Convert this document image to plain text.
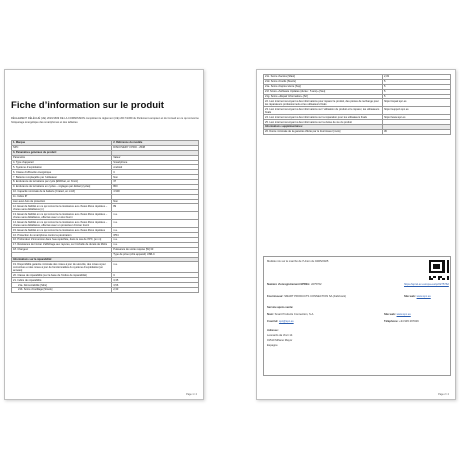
Fiche d’information sur le produit
RÈGLEMENT DÉLÉGUÉ (UE) 2023/1669 DE LA COMMISSION complétant le règlement (UE) 2017/1369 du Parlement européen et du Conseil en ce qui concerne l’étiquetage énergétique des smartphones et des tablettes
1. Marque	2. Référence du modèle
SPC	DISCOVERY 3 PRO - 2538
3. Paramètres généraux du produit:	
Paramètre	Valeur
4. Type d’appareil	Smartphone
5. Système d’exploitation	Android
6. Classe d’efficacité énergétique	C
7. Batterie remplaçable par l’utilisateur	Non
8. Endurance de la batterie par cycle [ENDbat, en h/min]	37
9. Endurance de la batterie en cycles – réglages par défaut [cycles]	800
10. Capacité nominale de la batterie [Crated, en mAh]	4 900
11. Indice IP	
Lien avec Avis de protection	Non
12. Essai de fiabilité en ce qui concerne la résistance aux chutes libres répétées – chutes sans défaillance [n]	89
13. Essai de fiabilité en ce qui concerne la résistance aux chutes libres répétées – chutes sans défaillance, effectué avec un étui fourni	n.a.
14. Essai de fiabilité en ce qui concerne la résistance aux chutes libres répétées – chutes sans défaillance, effectué avec un protecteur d’écran fourni	n.a.
15. Essai de fiabilité en ce qui concerne la résistance aux chutes libres répétées	n.a.
16. Protection du smartphone contre la pénétration	IP54
16. Profondeur d’immersion dans l’eau spécifiée, dans le cas de l’IPX, [en m]	n.a.
17. Résistance de l’écran d’affichage aux rayures, sur l’échelle de dureté de Mohs	n.a.
18. Chargeur	Puissance de sortie requise [W] 33
	Type de prise (côté appareil) USB-C
Informations sur la réparabilité:	
19. Disponibilité garantie minimale des mises à jour de sécurité, des mises à jour correctives et des mises à jour de fonctionnalités du système d’exploitation [en années]	n.a.
20. Classe de réparabilité (sur la base de l’indice de réparabilité)	C
21. Indice de réparabilité	3,35
21a. Démontabilité [Sdis]	3,56
21b. Score d’outillage [Stools]	2,33
Page 1 / 2
21c. Score d’accès [Sfast]	2,33
21d. Score d’outils [Stools]	5
21e. Score d’après-Vente [Ssp]	5
21f. Score «Software Updates (durée : 5 ans)» [Ssu]	5
21g. Score «Repair Information» [Sri]	5
22. Lien internet renvoyant à des informations pour réparer le produit, des pièces de rechange pour les réparateurs professionnels et les utilisateurs finals	https://repair.spc.es
23. Lien internet renvoyant à des informations sur l’utilisation du produit et le réparer, les utilisateurs finals	https://support.spc.es
24. Lien internet renvoyant à des informations sur la réparation pour les utilisateurs finals	https://www.spc.es
25. Lien internet renvoyant à des informations sur la durée de vie du produit	
Informations supplémentaires:	
26. Durée minimale de la garantie offerte par le fournisseur [mois]	36
Modèle mis sur le marché de l’Union du 04/05/2025
Numéro d’enregistrement EPREL: 2275762	https://eprel.ec.europa.eu/qr/2275762
Fournisseur: SMART PRODUCTS CONNECTION SA (Fabricant)	Site web: www.spc.es
Service après-vente:
Nom: Smart Products Connection, S.A.	Site web: www.spc.es
Courriel: spc@spc.es	Téléphone: +34 945 297029
Adresse:
Leonardo da Vinci 14
01510 Miñano Mayor
Espagne
Page 2 / 2
